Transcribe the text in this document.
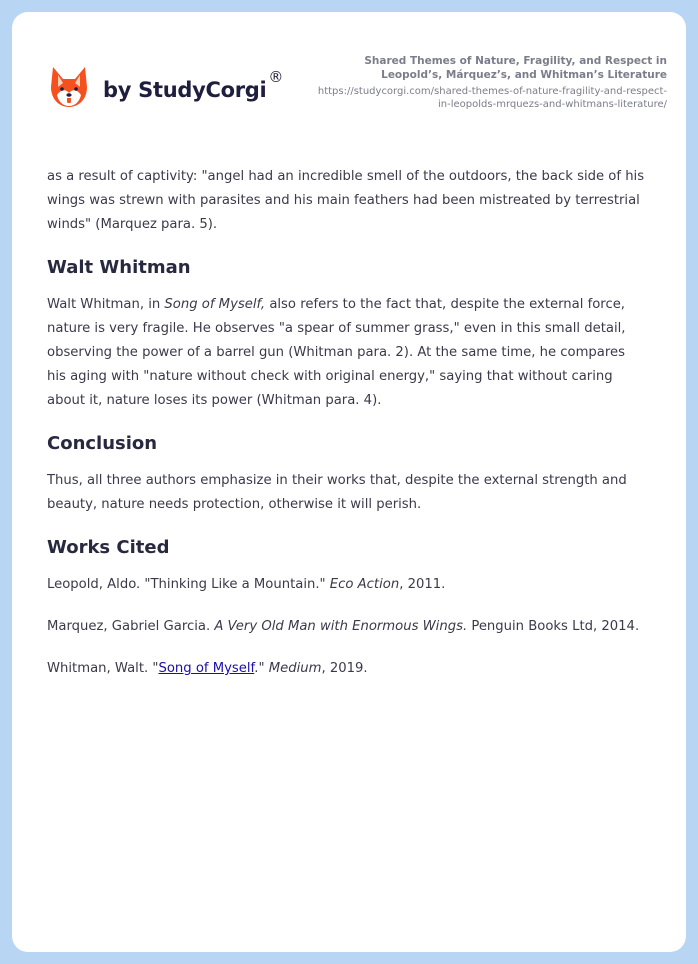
by StudyCorgi®
Shared Themes of Nature, Fragility, and Respect in Leopold’s, Márquez’s, and Whitman’s Literature
https://studycorgi.com/shared-themes-of-nature-fragility-and-respect-in-leopolds-mrquezs-and-whitmans-literature/

as a result of captivity: "angel had an incredible smell of the outdoors, the back side of his wings was strewn with parasites and his main feathers had been mistreated by terrestrial winds" (Marquez para. 5).

Walt Whitman

Walt Whitman, in Song of Myself, also refers to the fact that, despite the external force, nature is very fragile. He observes "a spear of summer grass," even in this small detail, observing the power of a barrel gun (Whitman para. 2). At the same time, he compares his aging with "nature without check with original energy," saying that without caring about it, nature loses its power (Whitman para. 4).

Conclusion

Thus, all three authors emphasize in their works that, despite the external strength and beauty, nature needs protection, otherwise it will perish.

Works Cited

Leopold, Aldo. "Thinking Like a Mountain." Eco Action, 2011.

Marquez, Gabriel Garcia. A Very Old Man with Enormous Wings. Penguin Books Ltd, 2014.

Whitman, Walt. "Song of Myself." Medium, 2019.
